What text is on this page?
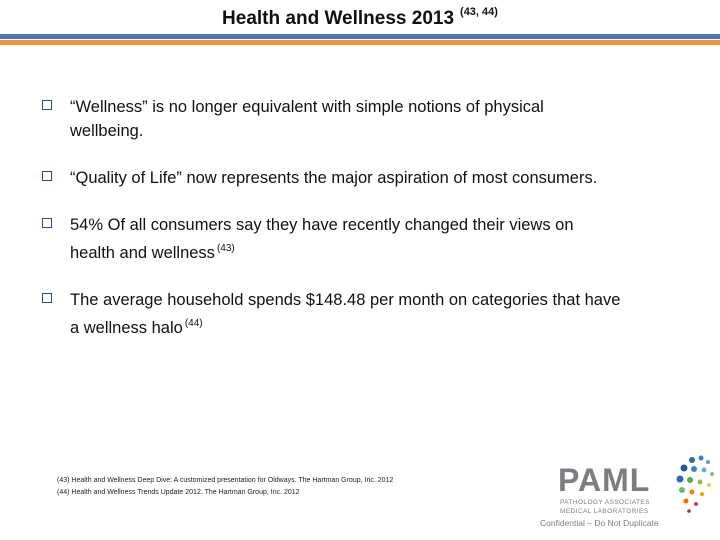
Health and Wellness 2013 $^{(43, 44)}$
“Wellness” is no longer equivalent with simple notions of physical
wellbeing.
“Quality of Life” now represents the major aspiration of most consumers.
54% Of all consumers say they have recently changed their views on
health and wellness $^{(43)}$
The average household spends $148.48 per month on categories that have
a wellness halo $^{(44)}$
(43) Health and Wellness Deep Dive: A customized presentation for Oldways. The Hartman Group, Inc. 2012
(44) Health and Wellness Trends Update 2012. The Hartman Group, Inc. 2012	PAML
PATHOLOGY ASSOCIATES
MEDICAL LABORATORIES
Confidential – Do Not Duplicate
